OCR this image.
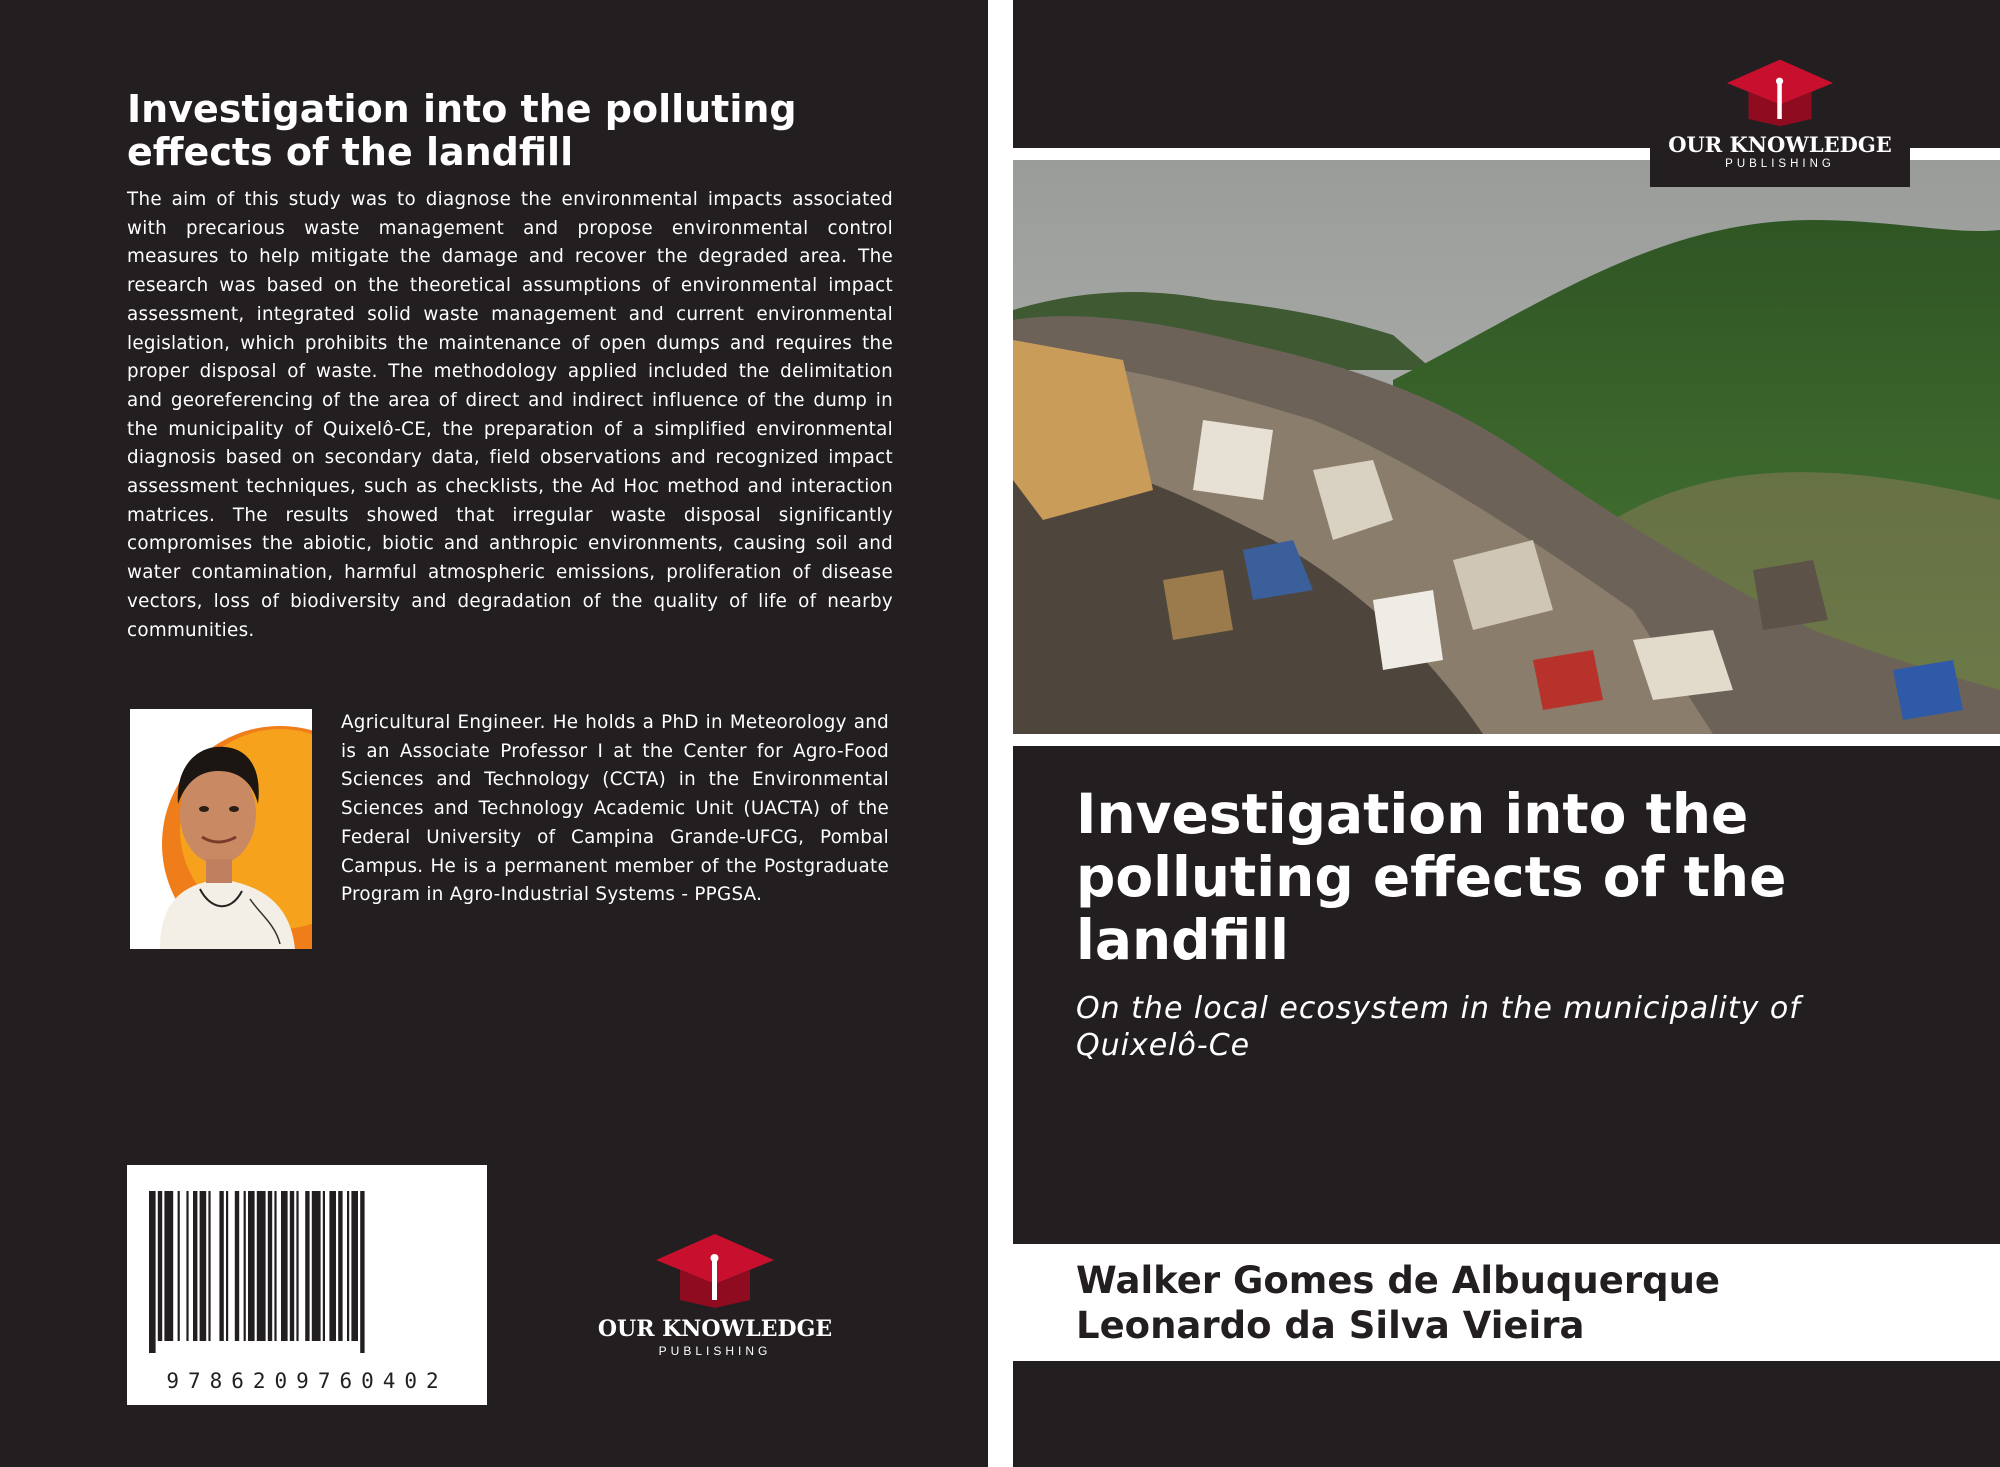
Investigation into the polluting effects of the landfill

The aim of this study was to diagnose the environmental impacts associated with precarious waste management and propose environmental control measures to help mitigate the damage and recover the degraded area. The research was based on the theoretical assumptions of environmental impact assessment, integrated solid waste management and current environmental legislation, which prohibits the maintenance of open dumps and requires the proper disposal of waste. The methodology applied included the delimitation and georeferencing of the area of direct and indirect influence of the dump in the municipality of Quixelô-CE, the preparation of a simplified environmental diagnosis based on secondary data, field observations and recognized impact assessment techniques, such as checklists, the Ad Hoc method and interaction matrices. The results showed that irregular waste disposal significantly compromises the abiotic, biotic and anthropic environments, causing soil and water contamination, harmful atmospheric emissions, proliferation of disease vectors, loss of biodiversity and degradation of the quality of life of nearby communities.

Agricultural Engineer. He holds a PhD in Meteorology and is an Associate Professor I at the Center for Agro-Food Sciences and Technology (CCTA) in the Environmental Sciences and Technology Academic Unit (UACTA) of the Federal University of Campina Grande-UFCG, Pombal Campus. He is a permanent member of the Postgraduate Program in Agro-Industrial Systems - PPGSA.

9786209760402
OUR KNOWLEDGE
PUBLISHING
OUR KNOWLEDGE
PUBLISHING
Investigation into the polluting effects of the landfill

On the local ecosystem in the municipality of Quixelô-Ce

Walker Gomes de Albuquerque
Leonardo da Silva Vieira
